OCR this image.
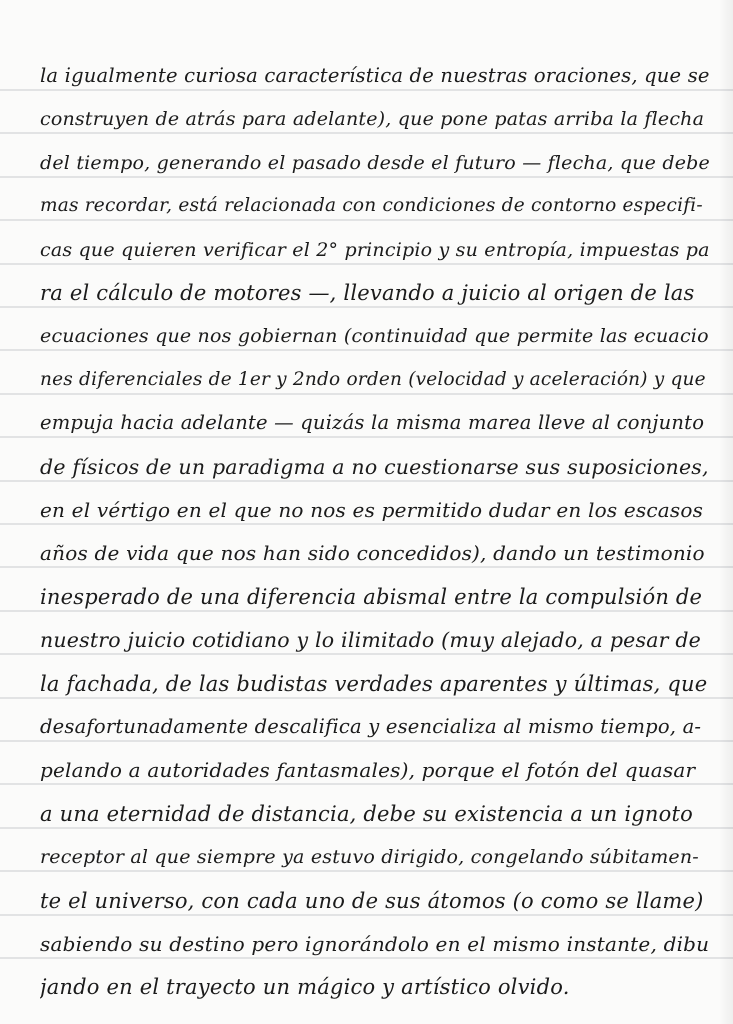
la igualmente curiosa característica de nuestras oraciones, que se
construyen de atrás para adelante), que pone patas arriba la flecha
del tiempo, generando el pasado desde el futuro — flecha, que debe
mas recordar, está relacionada con condiciones de contorno especifi-
cas que quieren verificar el 2° principio y su entropía, impuestas pa
ra el cálculo de motores —, llevando a juicio al origen de las
ecuaciones que nos gobiernan (continuidad que permite las ecuacio
nes diferenciales de 1er y 2ndo orden (velocidad y aceleración) y que
empuja hacia adelante — quizás la misma marea lleve al conjunto
de físicos de un paradigma a no cuestionarse sus suposiciones,
en el vértigo en el que no nos es permitido dudar en los escasos
años de vida que nos han sido concedidos), dando un testimonio
inesperado de una diferencia abismal entre la compulsión de
nuestro juicio cotidiano y lo ilimitado (muy alejado, a pesar de
la fachada, de las budistas verdades aparentes y últimas, que
desafortunadamente descalifica y esencializa al mismo tiempo, a-
pelando a autoridades fantasmales), porque el fotón del quasar
a una eternidad de distancia, debe su existencia a un ignoto
receptor al que siempre ya estuvo dirigido, congelando súbitamen-
te el universo, con cada uno de sus átomos (o como se llame)
sabiendo su destino pero ignorándolo en el mismo instante, dibu
jando en el trayecto un mágico y artístico olvido.
